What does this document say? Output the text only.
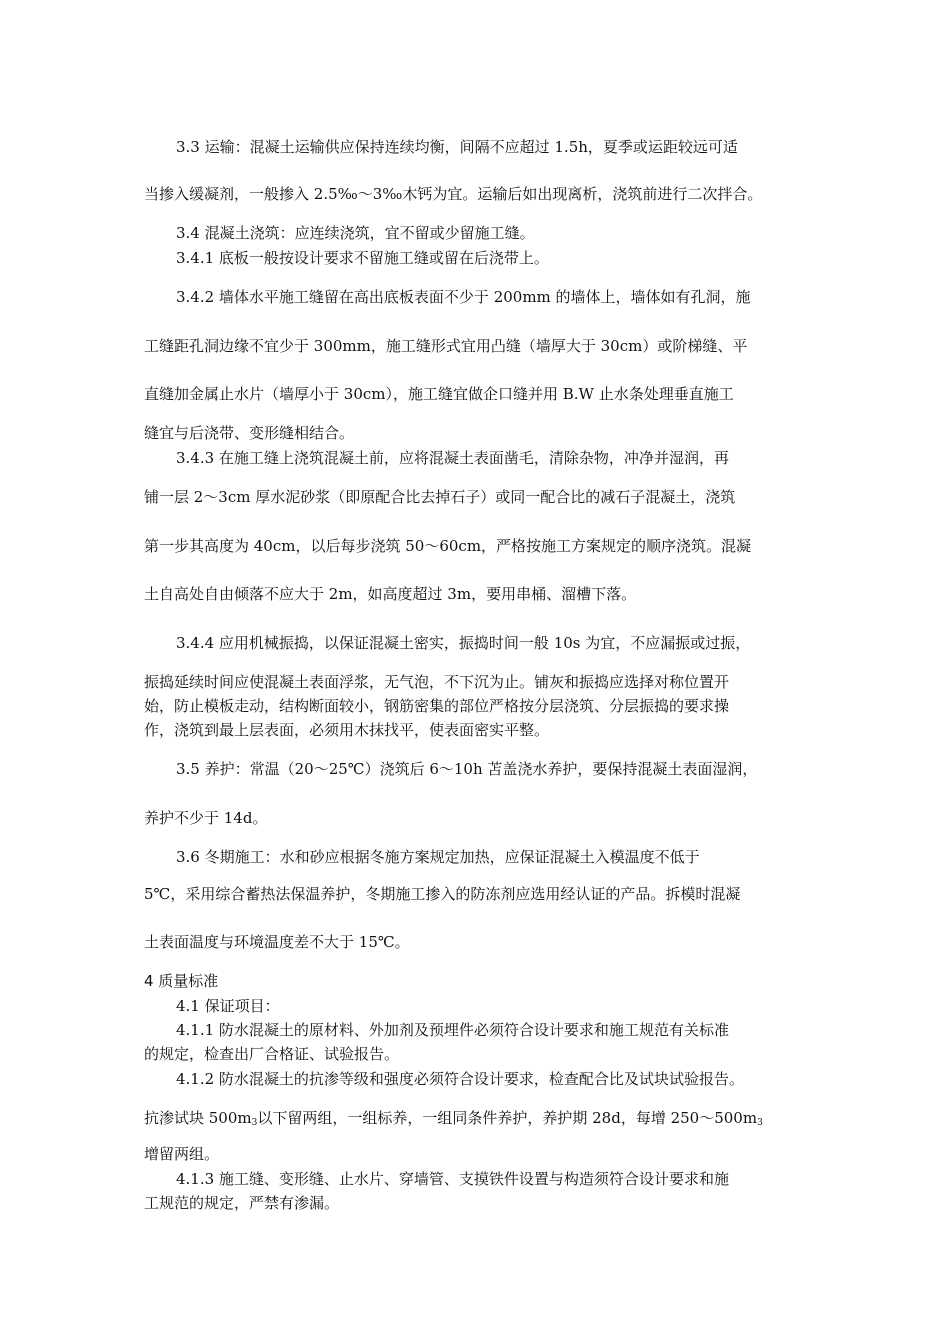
3.3 运输：混凝土运输供应保持连续均衡，间隔不应超过 1.5h，夏季或运距较远可适
当掺入缓凝剂，一般掺入 2.5‰～3‰木钙为宜。运输后如出现离析，浇筑前进行二次拌合。
3.4 混凝土浇筑：应连续浇筑，宜不留或少留施工缝。
3.4.1 底板一般按设计要求不留施工缝或留在后浇带上。
3.4.2 墙体水平施工缝留在高出底板表面不少于 200mm 的墙体上，墙体如有孔洞，施
工缝距孔洞边缘不宜少于 300mm，施工缝形式宜用凸缝（墙厚大于 30cm）或阶梯缝、平
直缝加金属止水片（墙厚小于 30cm），施工缝宜做企口缝并用 B.W 止水条处理垂直施工
缝宜与后浇带、变形缝相结合。
3.4.3 在施工缝上浇筑混凝土前，应将混凝土表面凿毛，清除杂物，冲净并湿润，再
铺一层 2～3cm 厚水泥砂浆（即原配合比去掉石子）或同一配合比的减石子混凝土，浇筑
第一步其高度为 40cm，以后每步浇筑 50～60cm，严格按施工方案规定的顺序浇筑。混凝
土自高处自由倾落不应大于 2m，如高度超过 3m，要用串桶、溜槽下落。
3.4.4 应用机械振捣，以保证混凝土密实，振捣时间一般 10s 为宜，不应漏振或过振，
振捣延续时间应使混凝土表面浮浆，无气泡，不下沉为止。铺灰和振捣应选择对称位置开
始，防止模板走动，结构断面较小，钢筋密集的部位严格按分层浇筑、分层振捣的要求操
作，浇筑到最上层表面，必须用木抹找平，使表面密实平整。
3.5 养护：常温（20～25℃）浇筑后 6～10h 苫盖浇水养护，要保持混凝土表面湿润，
养护不少于 14d。
3.6 冬期施工：水和砂应根据冬施方案规定加热，应保证混凝土入模温度不低于
5℃，采用综合蓄热法保温养护，冬期施工掺入的防冻剂应选用经认证的产品。拆模时混凝
土表面温度与环境温度差不大于 15℃。
4 质量标准
4.1 保证项目：
4.1.1 防水混凝土的原材料、外加剂及预埋件必须符合设计要求和施工规范有关标准
的规定，检查出厂合格证、试验报告。
4.1.2 防水混凝土的抗渗等级和强度必须符合设计要求，检查配合比及试块试验报告。
抗渗试块 $500m_3$以下留两组，一组标养，一组同条件养护，养护期 28d，每增 $250\sim 500m_3$
增留两组。
4.1.3 施工缝、变形缝、止水片、穿墙管、支摸铁件设置与构造须符合设计要求和施
工规范的规定，严禁有渗漏。
